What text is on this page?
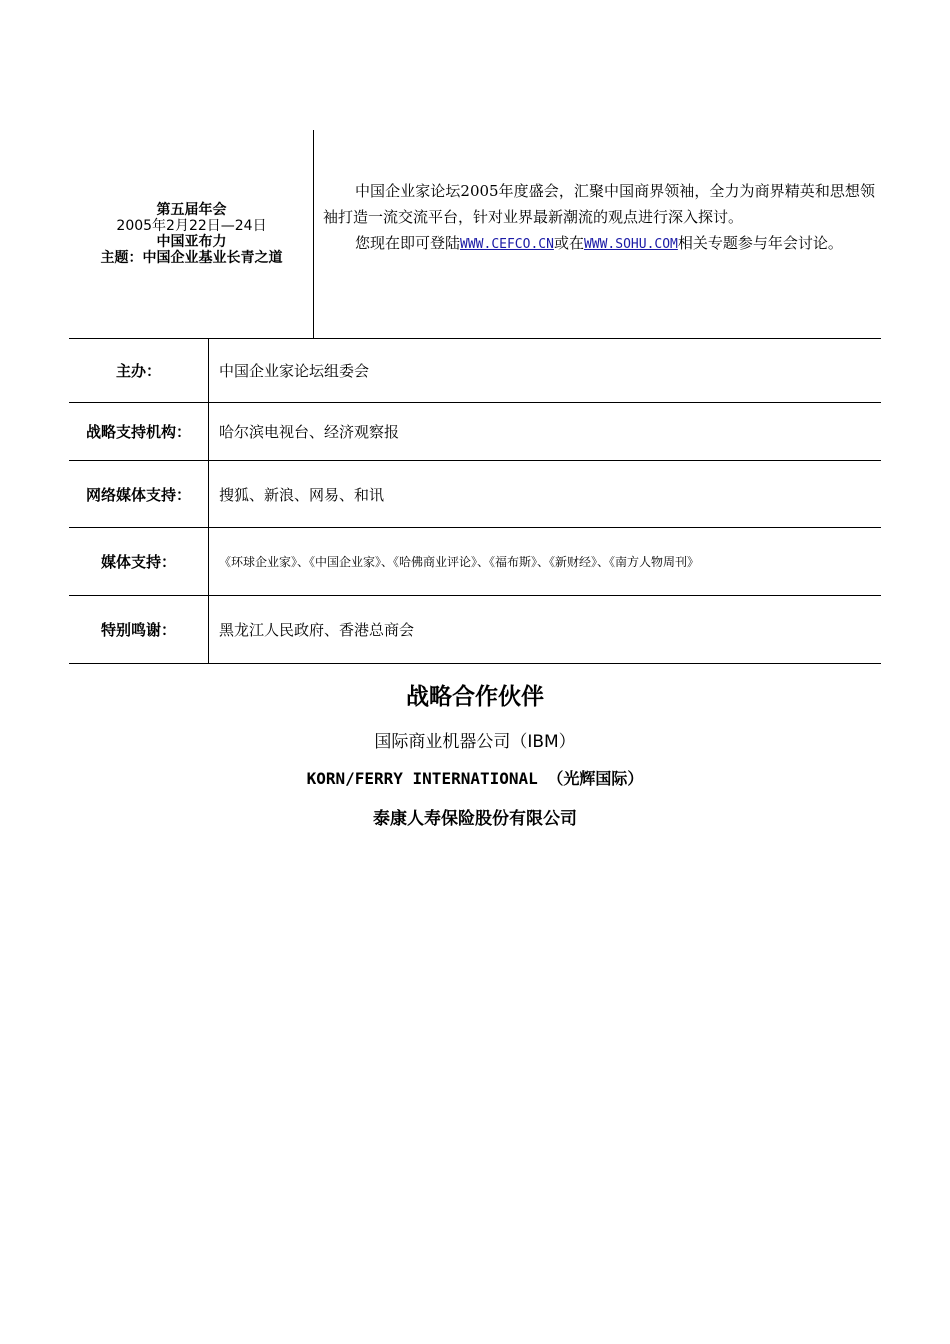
第五届年会
2005年2月22日—24日
中国亚布力
主题：中国企业基业长青之道

中国企业家论坛2005年度盛会，汇聚中国商界领袖，全力为商界精英和思想领袖打造一流交流平台，针对业界最新潮流的观点进行深入探讨。

您现在即可登陆WWW.CEFCO.CN或在WWW.SOHU.COM相关专题参与年会讨论。

主办：	中国企业家论坛组委会
战略支持机构：	哈尔滨电视台、经济观察报
网络媒体支持：	搜狐、新浪、网易、和讯
媒体支持：	《环球企业家》、《中国企业家》、《哈佛商业评论》、《福布斯》、《新财经》、《南方人物周刊》
特别鸣谢：	黑龙江人民政府、香港总商会
战略合作伙伴
国际商业机器公司（IBM）
KORN/FERRY INTERNATIONAL （光辉国际）
泰康人寿保险股份有限公司
